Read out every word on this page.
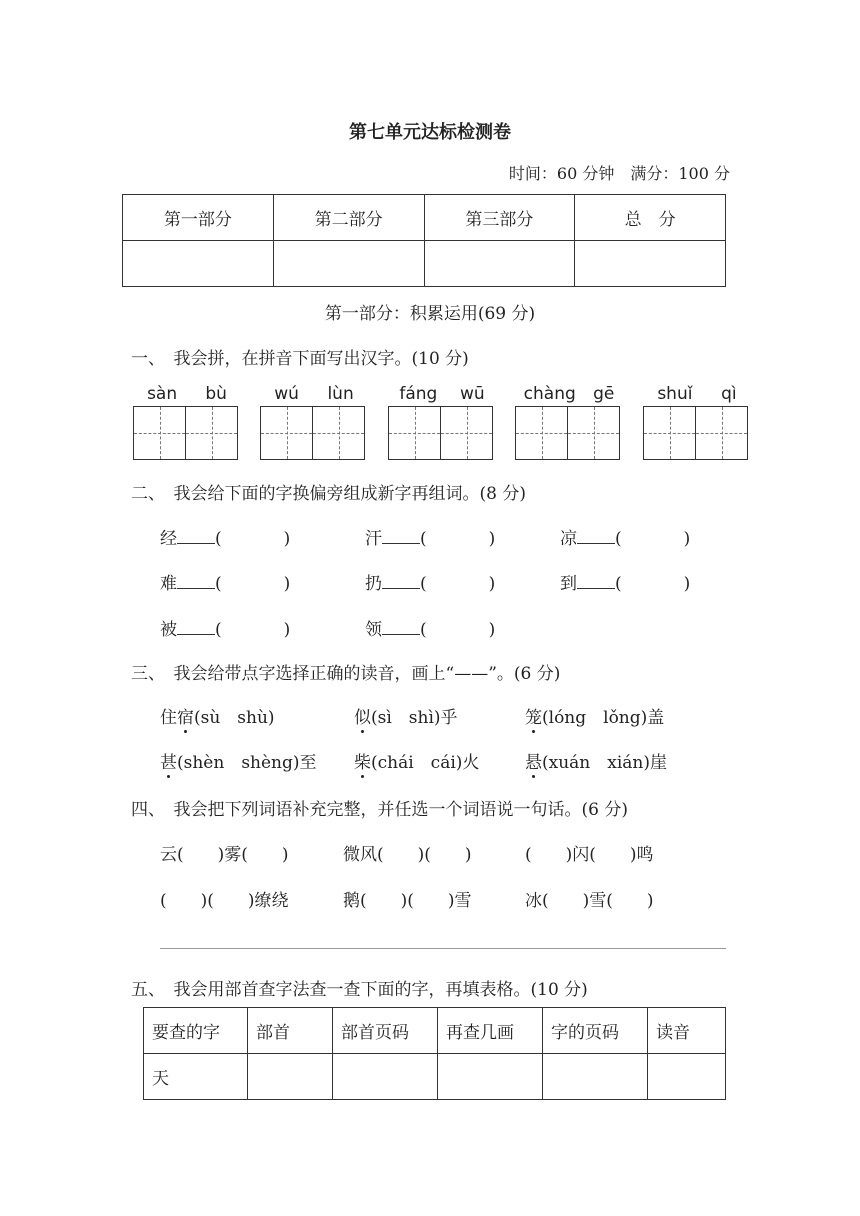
第七单元达标检测卷
时间：60 分钟　满分：100 分
第一部分	第二部分	第三部分	总　分

第一部分：积累运用(69 分)
一、　我会拼，在拼音下面写出汉字。(10 分)
sàn bù	wú lùn	fáng wū chàng gē	shuǐ qì
二、　我会给下面的字换偏旁组成新字再组词。(8 分)
经 (	)	汗 (	)	凉 (	)
难 (	)	扔 (	)	到 (	)
被 (	)	领 (	)
三、　我会给带点字选择正确的读音，画上“——”。(6 分)
住宿(sù　shù)	似(sì　shì)乎	笼(lóng　lǒng)盖
甚(shèn　shèng)至 柴(chái　cái)火	悬(xuán　xián)崖
四、　我会把下列词语补充完整，并任选一个词语说一句话。(6 分)
云(　　)雾(　　)	微风(　　)(　　)	(　　)闪(　　)鸣
(　　)(　　)缭绕	鹅(　　)(　　)雪	冰(　　)雪(　　)
五、　我会用部首查字法查一查下面的字，再填表格。(10 分)
要查的字	部首	部首页码	再查几画	字的页码	读音
天					
